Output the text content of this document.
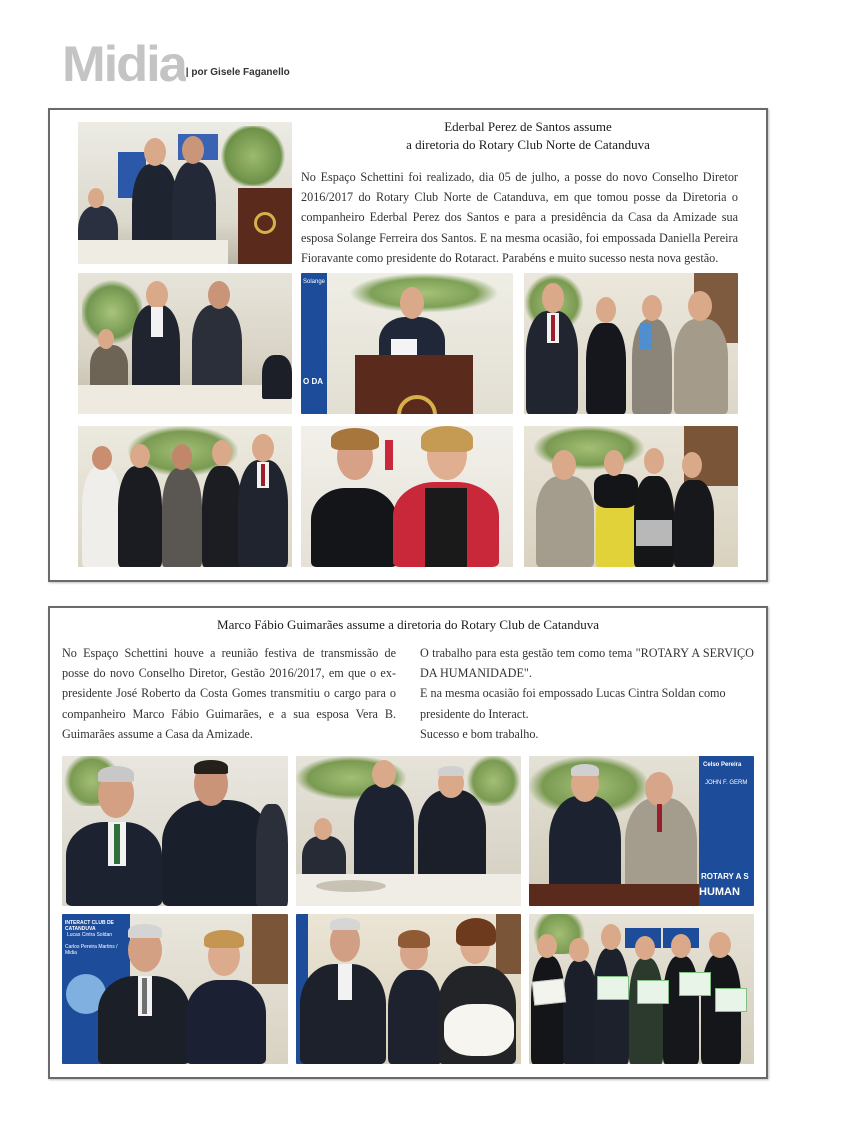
Midia | por Gisele Faganello
Ederbal Perez de Santos assume
a diretoria do Rotary Club Norte de Catanduva
No Espaço Schettini foi realizado, dia 05 de julho, a posse do novo Conselho Diretor 2016/2017 do Rotary Club Norte de Catanduva, em que tomou posse da Diretoria o companheiro Ederbal Perez dos Santos e para a presidência da Casa da Amizade sua esposa Solange Ferreira dos Santos. E na mesma ocasião, foi empossada Daniella Pereira Fioravante como presidente do Rotaract. Parabéns e muito sucesso nesta nova gestão.
Solange
O DA
Marco Fábio Guimarães assume a diretoria do Rotary Club de Catanduva
No Espaço Schettini houve a reunião festiva de transmissão de posse do novo Conselho Diretor, Gestão 2016/2017, em que o ex-presidente José Roberto da Costa Gomes transmitiu o cargo para o companheiro Marco Fábio Guimarães, e a sua esposa Vera B. Guimarães assume a Casa da Amizade.
O trabalho para esta gestão tem como tema "ROTARY A SERVIÇO DA HUMANIDADE".
E na mesma ocasião foi empossado Lucas Cintra Soldan como presidente do Interact.
Sucesso e bom trabalho.
Celso Pereira
JOHN F. GERM
ROTARY A S
HUMAN
INTERACT CLUB DE CATANDUVA
Lucas Cintra Soldan
Carlos Pereira Martins / Midia
